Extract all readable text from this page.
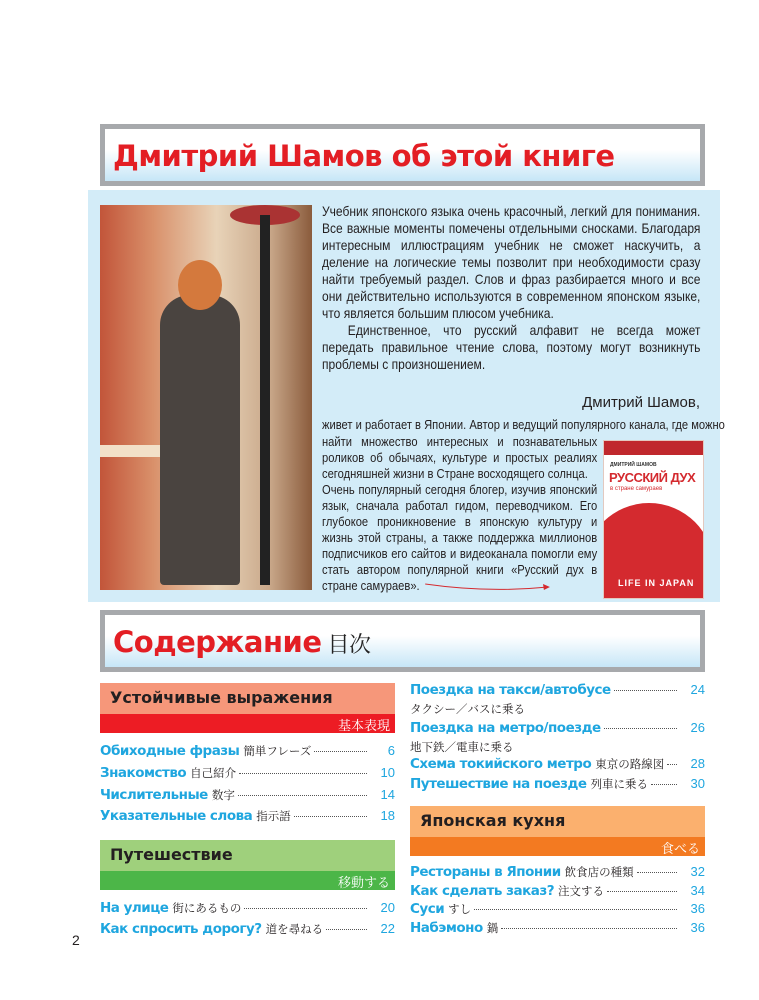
Дмитрий Шамов об этой книге

Учебник японского языка очень красочный, легкий для понимания. Все важные моменты помечены отдельными сносками. Благодаря интересным иллюстрациям учебник не сможет наскучить, а деление на логические темы позволит при необходимости сразу найти требуемый раздел. Слов и фраз разбирается много и все они действительно используются в современном японском языке, что является большим плюсом учебника.

Единственное, что русский алфавит не всегда может передать правильное чтение слова, поэтому могут возникнуть проблемы с произношением.

Дмитрий Шамов,
живет и работает в Японии. Автор и ведущий популярного канала, где можно

найти множество интересных и познавательных роликов об обычаях, культуре и простых реалиях сегодняшней жизни в Стране восходящего солнца.

Очень популярный сегодня блогер, изучив японский язык, сначала работал гидом, переводчиком. Его глубокое проникновение в японскую культуру и жизнь этой страны, а также поддержка миллионов подписчиков его сайтов и видеоканала помогли ему стать автором популярной книги «Русский дух в стране самураев».

ДМИТРИЙ ШАМОВ
РУССКИЙ ДУХ
в стране самураев
LIFE IN JAPAN
Содержание 目次
Устойчивые выражения
基本表現
Обиходные фразы 簡単フレーズ	6
Знакомство 自己紹介	10
Числительные 数字	14
Указательные слова 指示語	18
Путешествие
移動する
На улице 街にあるもの	20
Как спросить дорогу? 道を尋ねる	22
Поездка на такси/автобусе	24
タクシー／バスに乗る
Поездка на метро/поезде	26
地下鉄／電車に乗る
Схема токийского метро 東京の路線図	28
Путешествие на поезде 列車に乗る	30
Японская кухня
食べる
Рестораны в Японии 飲食店の種類	32
Как сделать заказ? 注文する	34
Суси すし	36
Набэмоно 鍋	36
2
